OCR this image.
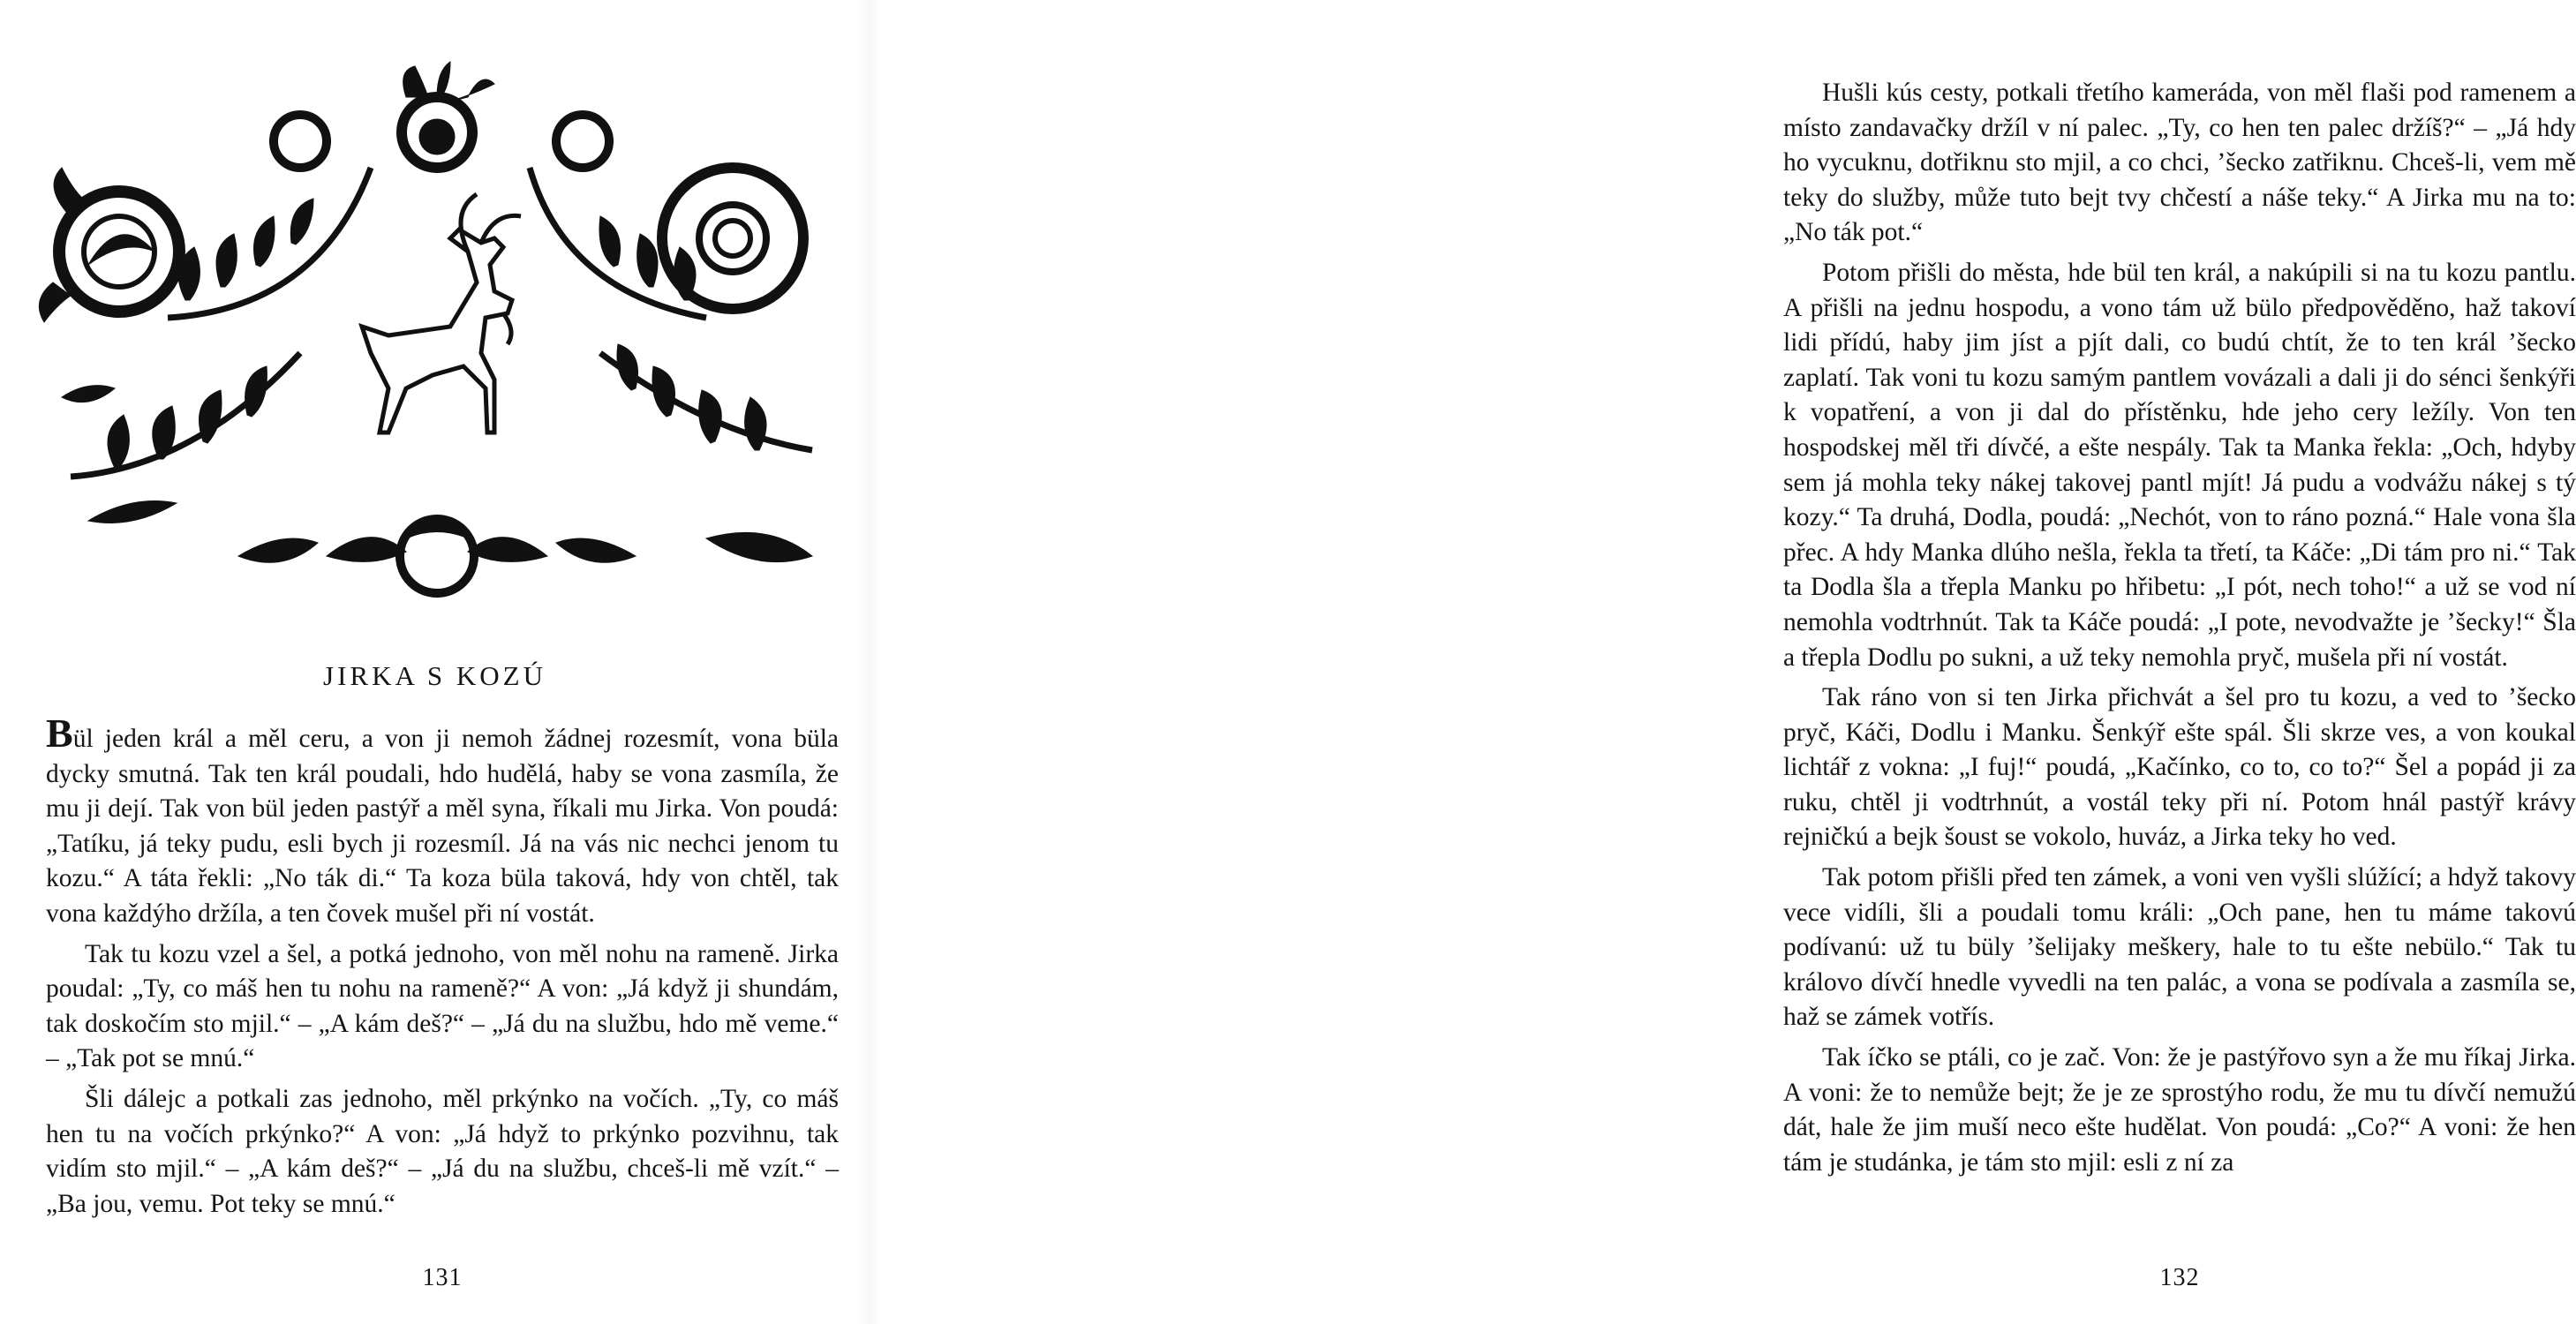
JIRKA S KOZÚ

Bül jeden král a měl ceru, a von ji nemoh žádnej rozesmít, vona büla dycky smutná. Tak ten král poudali, hdo hudělá, haby se vona zasmíla, že mu ji dejí. Tak von bül jeden pastýř a měl syna, říkali mu Jirka. Von poudá: „Tatíku, já teky pudu, esli bych ji rozesmíl. Já na vás nic nechci jenom tu kozu.“ A táta řekli: „No ták di.“ Ta koza büla taková, hdy von chtěl, tak vona každýho držíla, a ten čovek mušel při ní vostát.

Tak tu kozu vzel a šel, a potká jednoho, von měl nohu na rameně. Jirka poudal: „Ty, co máš hen tu nohu na rameně?“ A von: „Já když ji shundám, tak doskočím sto mjil.“ – „A kám deš?“ – „Já du na službu, hdo mě veme.“ – „Tak pot se mnú.“

Šli dálejc a potkali zas jednoho, měl prkýnko na vočích. „Ty, co máš hen tu na vočích prkýnko?“ A von: „Já hdyž to prkýnko pozvihnu, tak vidím sto mjil.“ – „A kám deš?“ – „Já du na službu, chceš-li mě vzít.“ – „Ba jou, vemu. Pot teky se mnú.“

131

Hušli kús cesty, potkali třetího kamerádа, von měl flaši pod ramenem a místo zandavačky držíl v ní palec. „Ty, co hen ten palec držíš?“ – „Já hdy ho vycuknu, dotřiknu sto mjil, a co chci, ’šecko zatřiknu. Chceš-li, vem mě teky do služby, může tuto bejt tvy chčestí a náše teky.“ A Jirka mu na to: „No ták pot.“

Potom přišli do města, hde bül ten král, a nakúpili si na tu kozu pantlu. A přišli na jednu hospodu, a vono tám už bülo předpověděno, haž takoví lidi přídú, haby jim jíst a pjít dali, co budú chtít, že to ten král ’šecko zaplatí. Tak voni tu kozu samým pantlem vovázali a dali ji do sénci šenkýři k vopatření, a von ji dal do přístěnku, hde jeho cery ležíly. Von ten hospodskej měl tři dívčé, a ešte nespály. Tak ta Manka řekla: „Och, hdyby sem já mohla teky nákej takovej pantl mjít! Já pudu a vodvážu nákej s tý kozy.“ Ta druhá, Dodla, poudá: „Nechót, von to ráno pozná.“ Hale vona šla přec. A hdy Manka dlúho nešla, řekla ta třetí, ta Káče: „Di tám pro ni.“ Tak ta Dodla šla a třepla Manku po hřibetu: „I pót, nech toho!“ a už se vod ní nemohla vodtrhnút. Tak ta Káče poudá: „I pote, nevodvažte je ’šecky!“ Šla a třepla Dodlu po sukni, a už teky nemohla pryč, mušela při ní vostát.

Tak ráno von si ten Jirka přichvát a šel pro tu kozu, a ved to ’šecko pryč, Káči, Dodlu i Manku. Šenkýř ešte spál. Šli skrze ves, a von koukal lichtář z vokna: „I fuj!“ poudá, „Kačínko, co to, co to?“ Šel a popád ji za ruku, chtěl ji vodtrhnút, a vostál teky při ní. Potom hnál pastýř krávy rejničkú a bejk šoust se vokolo, huváz, a Jirka teky ho ved.

Tak potom přišli před ten zámek, a voni ven vyšli slúžící; a hdyž takovy vece vidíli, šli a poudali tomu králi: „Och pane, hen tu máme takovú podívanú: už tu büly ’šelijaky meškery, hale to tu ešte nebülo.“ Tak tu královo dívčí hnedle vyvedli na ten palác, a vona se podívala a zasmíla se, haž se zámek votřís.

Tak íčko se ptáli, co je zač. Von: že je pastýřovo syn a že mu říkaj Jirka. A voni: že to nemůže bejt; že je ze sprostýho rodu, že mu tu dívčí nemužú dát, hale že jim muší neco ešte hudělat. Von poudá: „Co?“ A voni: že hen tám je studánka, je tám sto mjil: esli z ní za

132
